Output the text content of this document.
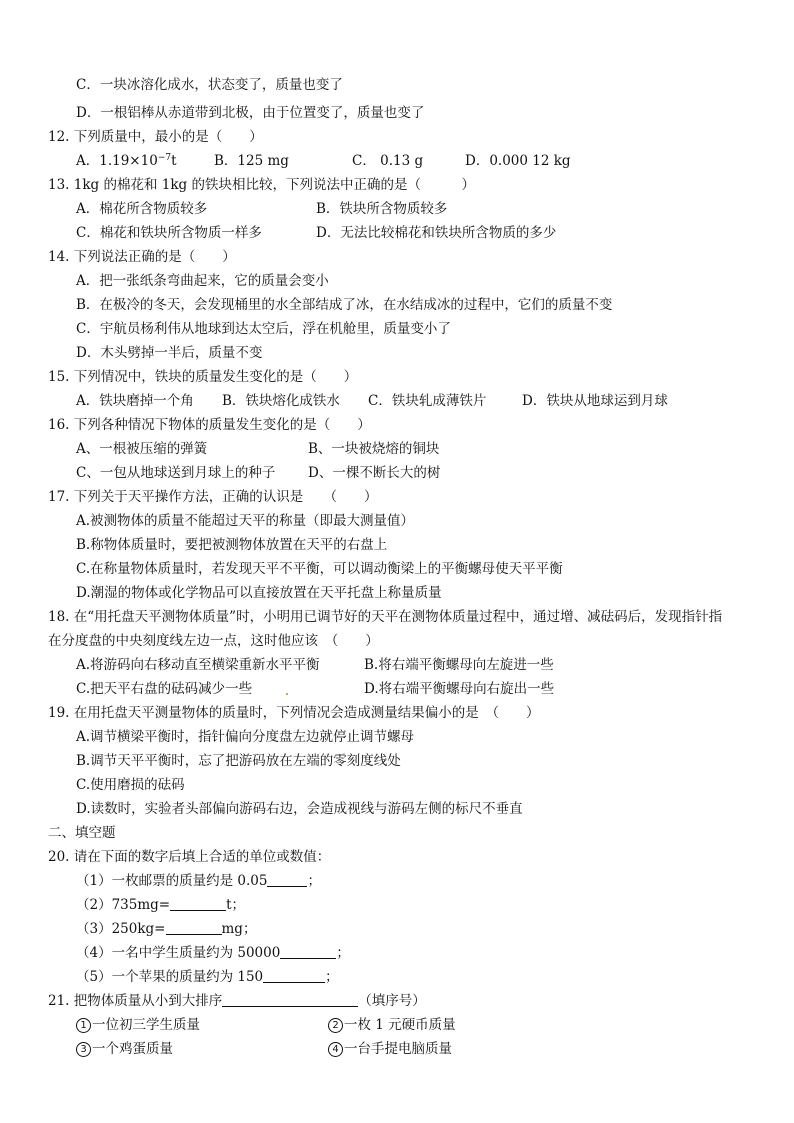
C．一块冰溶化成水，状态变了，质量也变了
D．一根铝棒从赤道带到北极，由于位置变了，质量也变了
12. 下列质量中，最小的是（　　）
A．$1.19\times 10^{-7}t$	B．125 mg	C． 0.13 g	D．0.000 12 kg
13. 1kg 的棉花和 1kg 的铁块相比较，下列说法中正确的是（　　　）
A．棉花所含物质较多	B．铁块所含物质较多
C．棉花和铁块所含物质一样多	D．无法比较棉花和铁块所含物质的多少
14. 下列说法正确的是（　　）
A．把一张纸条弯曲起来，它的质量会变小
B．在极冷的冬天，会发现桶里的水全部结成了冰，在水结成冰的过程中，它们的质量不变
C．宇航员杨利伟从地球到达太空后，浮在机舱里，质量变小了
D．木头劈掉一半后，质量不变
15. 下列情况中，铁块的质量发生变化的是（　　）
A．铁块磨掉一个角 B．铁块熔化成铁水 C．铁块轧成薄铁片	D．铁块从地球运到月球
16. 下列各种情况下物体的质量发生变化的是（　　）
A、一根被压缩的弹簧	B、一块被烧熔的铜块
C、一包从地球送到月球上的种子 D、一棵不断长大的树
17. 下列关于天平操作方法，正确的认识是　　（　　）
A.被测物体的质量不能超过天平的称量（即最大测量值）
B.称物体质量时，要把被测物体放置在天平的右盘上
C.在称量物体质量时，若发现天平不平衡，可以调动衡梁上的平衡螺母使天平平衡
D.潮湿的物体或化学物品可以直接放置在天平托盘上称量质量
18. 在“用托盘天平测物体质量”时，小明用已调节好的天平在测物体质量过程中，通过增、减砝码后，发现指针指
在分度盘的中央刻度线左边一点，这时他应该　（　　）
A.将游码向右移动直至横梁重新水平平衡	B.将右端平衡螺母向左旋进一些
C.把天平右盘的砝码减少一些	D.将右端平衡螺母向右旋出一些
19. 在用托盘天平测量物体的质量时，下列情况会造成测量结果偏小的是　（　　）
A.调节横梁平衡时，指针偏向分度盘左边就停止调节螺母
B.调节天平平衡时，忘了把游码放在左端的零刻度线处
C.使用磨损的砝码
D.读数时，实验者头部偏向游码右边，会造成视线与游码左侧的标尺不垂直
二、填空题
20. 请在下面的数字后填上合适的单位或数值：
（1）一枚邮票的质量约是 0.05	；
（2）735mg=	t；
（3）250kg=	mg；
（4）一名中学生质量约为 50000	；
（5）一个苹果的质量约为 150	；
21. 把物体质量从小到大排序	（填序号）
1 一位初三学生质量	2 一枚 1 元硬币质量
3 一个鸡蛋质量	4 一台手提电脑质量
